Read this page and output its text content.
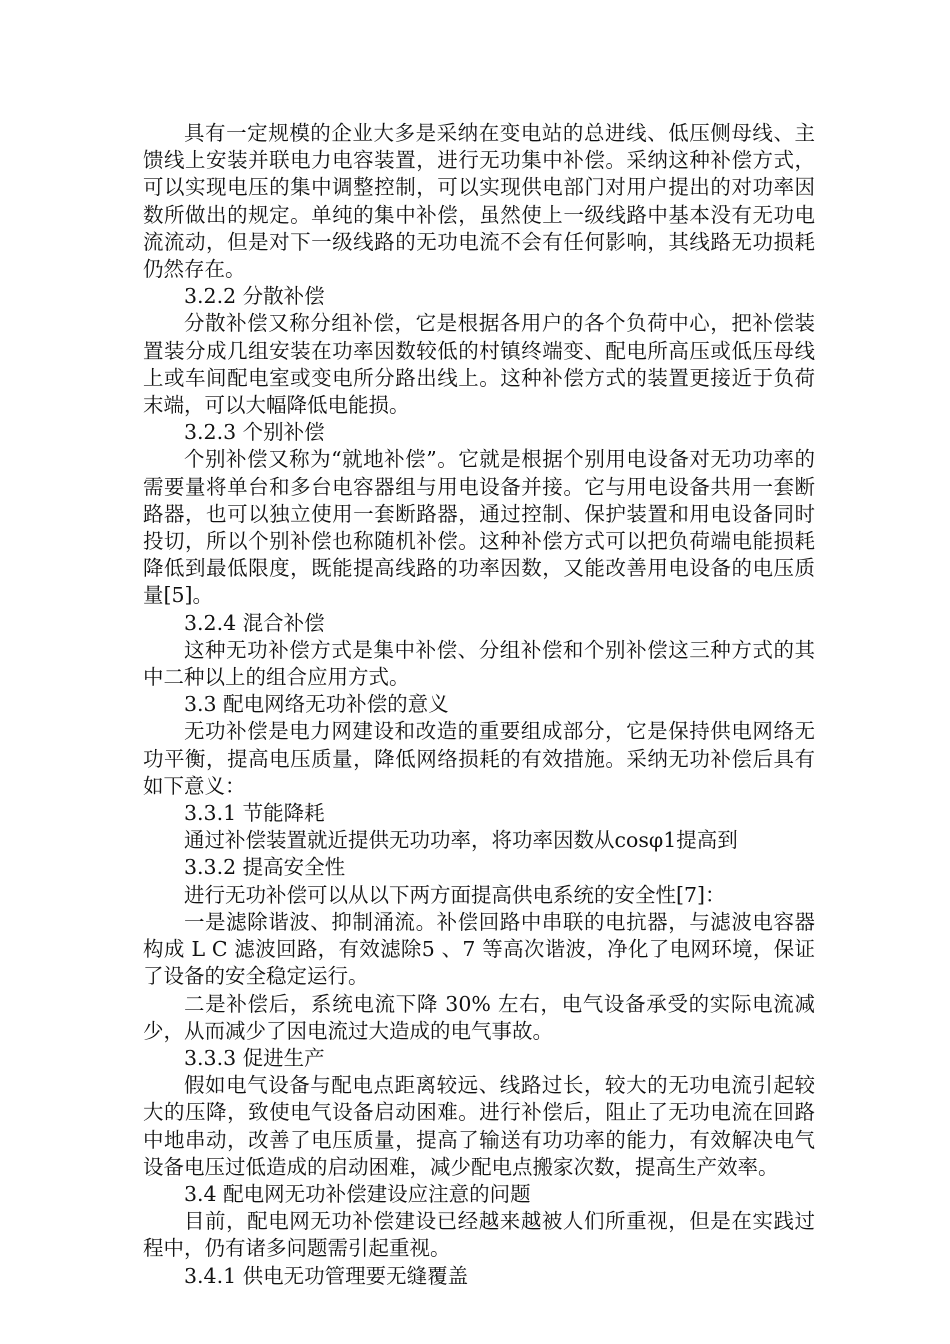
具有一定规模的企业大多是采纳在变电站的总进线、低压侧母线、主馈线上安装并联电力电容装置，进行无功集中补偿。采纳这种补偿方式，可以实现电压的集中调整控制，可以实现供电部门对用户提出的对功率因数所做出的规定。单纯的集中补偿，虽然使上一级线路中基本没有无功电流流动，但是对下一级线路的无功电流不会有任何影响，其线路无功损耗仍然存在。

3.2.2 分散补偿

分散补偿又称分组补偿，它是根据各用户的各个负荷中心，把补偿装置装分成几组安装在功率因数较低的村镇终端变、配电所高压或低压母线上或车间配电室或变电所分路出线上。这种补偿方式的装置更接近于负荷末端，可以大幅降低电能损。

3.2.3 个别补偿

个别补偿又称为“就地补偿”。它就是根据个别用电设备对无功功率的需要量将单台和多台电容器组与用电设备并接。它与用电设备共用一套断路器，也可以独立使用一套断路器，通过控制、保护装置和用电设备同时投切，所以个别补偿也称随机补偿。这种补偿方式可以把负荷端电能损耗降低到最低限度，既能提高线路的功率因数，又能改善用电设备的电压质量[5]。

3.2.4 混合补偿

这种无功补偿方式是集中补偿、分组补偿和个别补偿这三种方式的其中二种以上的组合应用方式。

3.3 配电网络无功补偿的意义

无功补偿是电力网建设和改造的重要组成部分，它是保持供电网络无功平衡，提高电压质量，降低网络损耗的有效措施。采纳无功补偿后具有如下意义：

3.3.1 节能降耗

通过补偿装置就近提供无功功率，将功率因数从cosφ1提高到

3.3.2 提高安全性

进行无功补偿可以从以下两方面提高供电系统的安全性[7]：

一是滤除谐波、抑制涌流。补偿回路中串联的电抗器，与滤波电容器构成 L C 滤波回路，有效滤除5 、7 等高次谐波，净化了电网环境，保证了设备的安全稳定运行。

二是补偿后，系统电流下降 30% 左右，电气设备承受的实际电流减少，从而减少了因电流过大造成的电气事故。

3.3.3 促进生产

假如电气设备与配电点距离较远、线路过长，较大的无功电流引起较大的压降，致使电气设备启动困难。进行补偿后，阻止了无功电流在回路中地串动，改善了电压质量，提高了输送有功功率的能力，有效解决电气设备电压过低造成的启动困难，减少配电点搬家次数，提高生产效率。

3.4 配电网无功补偿建设应注意的问题

目前，配电网无功补偿建设已经越来越被人们所重视，但是在实践过程中，仍有诸多问题需引起重视。

3.4.1 供电无功管理要无缝覆盖
